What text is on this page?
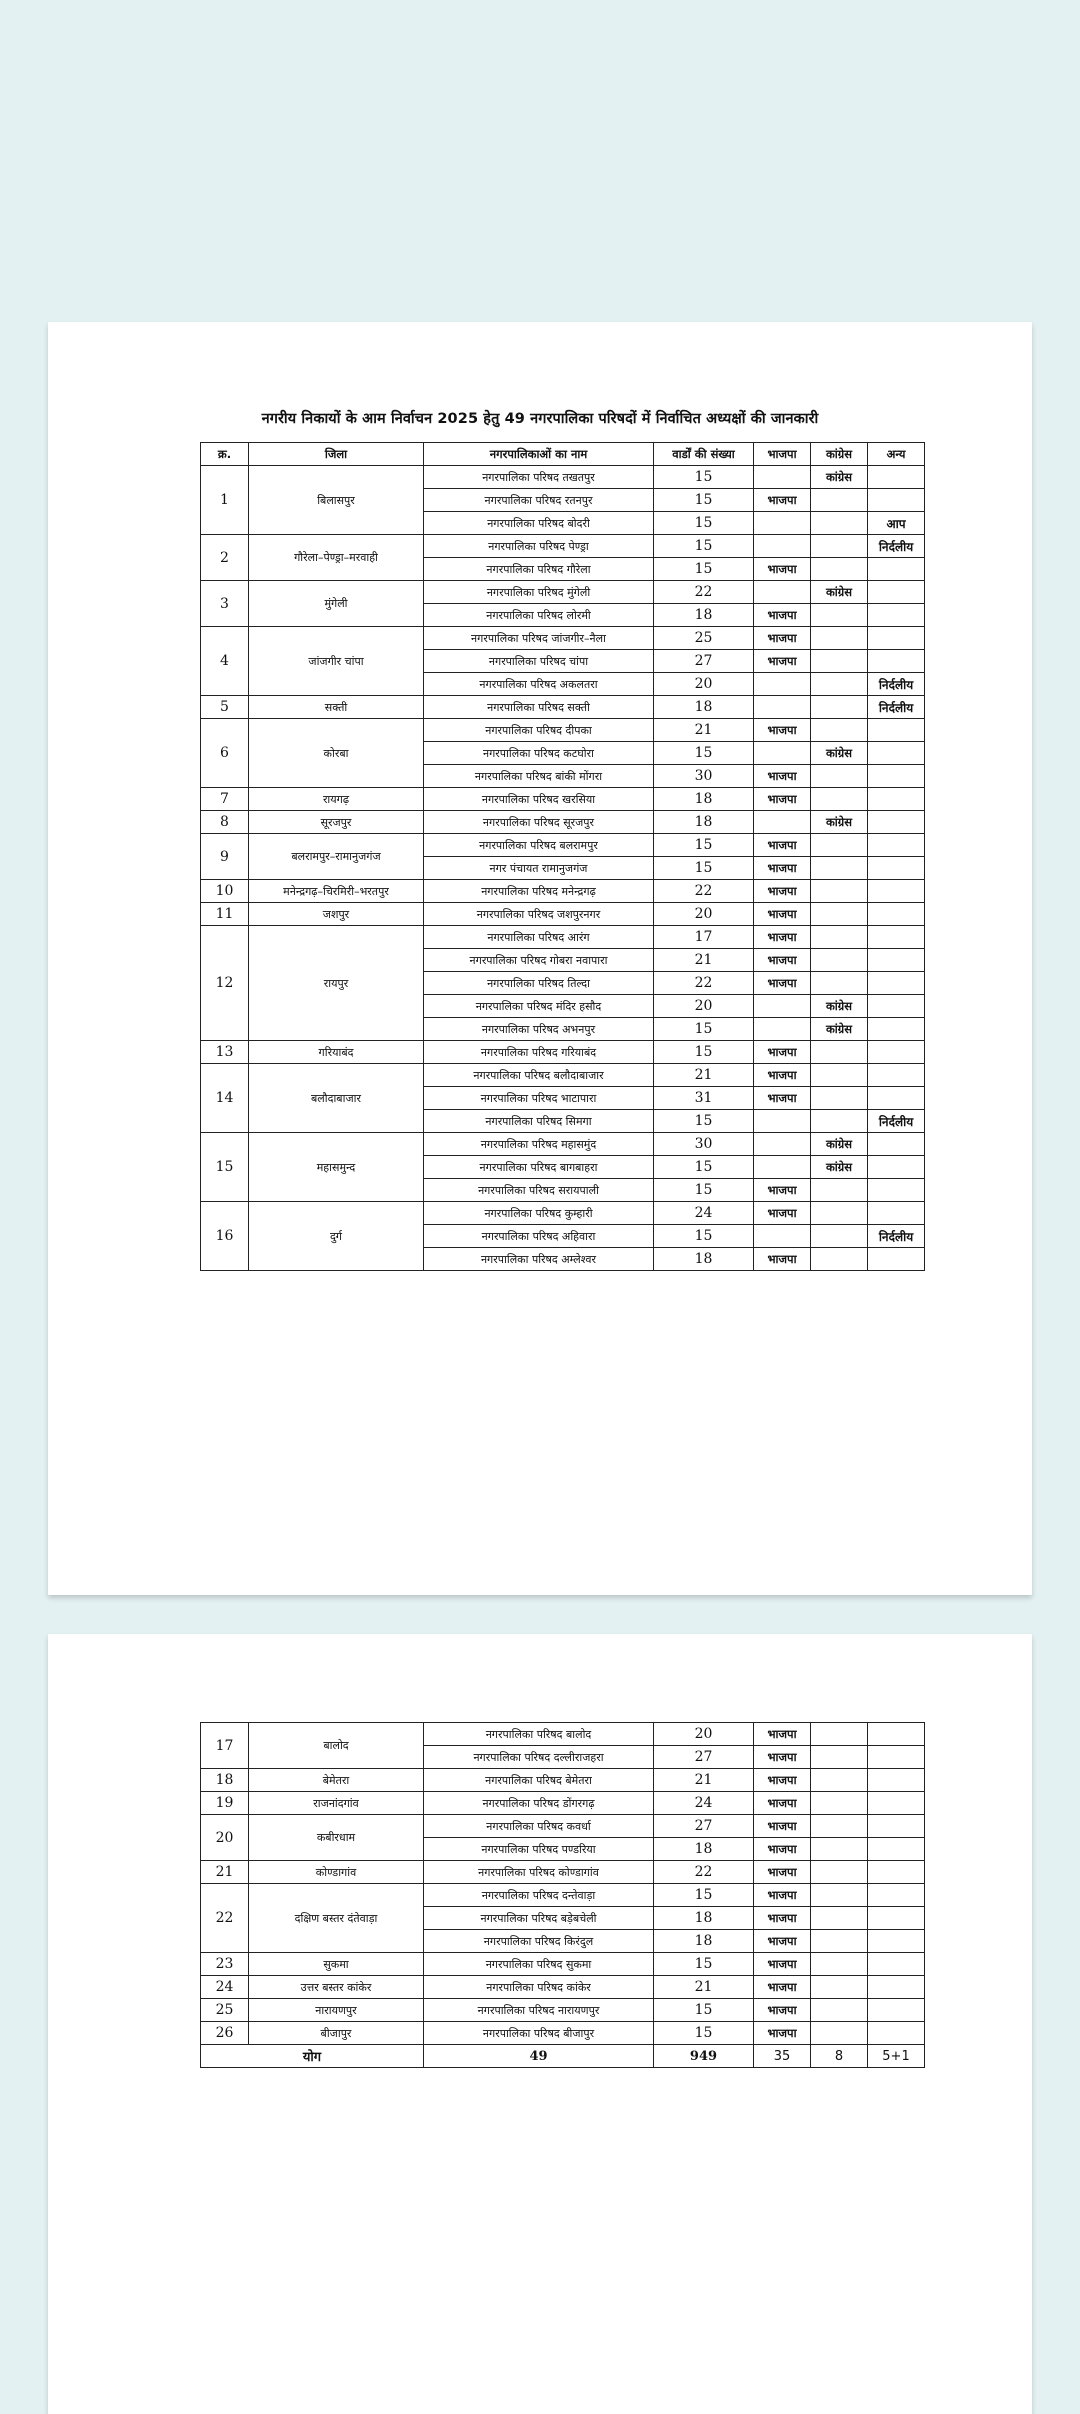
नगरीय निकायों के आम निर्वाचन 2025 हेतु 49 नगरपालिका परिषदों में निर्वाचित अध्यक्षों की जानकारी
क्र.	जिला	नगरपालिकाओं का नाम	वार्डों की संख्या	भाजपा	कांग्रेस	अन्य
1	बिलासपुर	नगरपालिका परिषद तखतपुर	15		कांग्रेस	
		नगरपालिका परिषद रतनपुर	15	भाजपा		
		नगरपालिका परिषद बोदरी	15			आप
2	गौरेला–पेण्ड्रा–मरवाही	नगरपालिका परिषद पेण्ड्रा	15			निर्दलीय
		नगरपालिका परिषद गौरेला	15	भाजपा		
3	मुंगेली	नगरपालिका परिषद मुंगेली	22		कांग्रेस	
		नगरपालिका परिषद लोरमी	18	भाजपा		
4	जांजगीर चांपा	नगरपालिका परिषद जांजगीर–नैला	25	भाजपा		
		नगरपालिका परिषद चांपा	27	भाजपा		
		नगरपालिका परिषद अकलतरा	20			निर्दलीय
5	सक्ती	नगरपालिका परिषद सक्ती	18			निर्दलीय
6	कोरबा	नगरपालिका परिषद दीपका	21	भाजपा		
		नगरपालिका परिषद कटघोरा	15		कांग्रेस	
		नगरपालिका परिषद बांकी मोंगरा	30	भाजपा		
7	रायगढ़	नगरपालिका परिषद खरसिया	18	भाजपा		
8	सूरजपुर	नगरपालिका परिषद सूरजपुर	18		कांग्रेस	
9	बलरामपुर–रामानुजगंज	नगरपालिका परिषद बलरामपुर	15	भाजपा		
		नगर पंचायत रामानुजगंज	15	भाजपा		
10	मनेन्द्रगढ़–चिरमिरी–भरतपुर	नगरपालिका परिषद मनेन्द्रगढ़	22	भाजपा		
11	जशपुर	नगरपालिका परिषद जशपुरनगर	20	भाजपा		
12	रायपुर	नगरपालिका परिषद आरंग	17	भाजपा		
		नगरपालिका परिषद गोबरा नवापारा	21	भाजपा		
		नगरपालिका परिषद तिल्दा	22	भाजपा		
		नगरपालिका परिषद मंदिर हसौद	20		कांग्रेस	
		नगरपालिका परिषद अभनपुर	15		कांग्रेस	
13	गरियाबंद	नगरपालिका परिषद गरियाबंद	15	भाजपा		
14	बलौदाबाजार	नगरपालिका परिषद बलौदाबाजार	21	भाजपा		
		नगरपालिका परिषद भाटापारा	31	भाजपा		
		नगरपालिका परिषद सिमगा	15			निर्दलीय
15	महासमुन्द	नगरपालिका परिषद महासमुंद	30		कांग्रेस	
		नगरपालिका परिषद बागबाहरा	15		कांग्रेस	
		नगरपालिका परिषद सरायपाली	15	भाजपा		
16	दुर्ग	नगरपालिका परिषद कुम्हारी	24	भाजपा		
		नगरपालिका परिषद अहिवारा	15			निर्दलीय
		नगरपालिका परिषद अम्लेश्वर	18	भाजपा		
17	बालोद	नगरपालिका परिषद बालोद	20	भाजपा		
		नगरपालिका परिषद दल्लीराजहरा	27	भाजपा		
18	बेमेतरा	नगरपालिका परिषद बेमेतरा	21	भाजपा		
19	राजनांदगांव	नगरपालिका परिषद डोंगरगढ़	24	भाजपा		
20	कबीरधाम	नगरपालिका परिषद कवर्धा	27	भाजपा		
		नगरपालिका परिषद पण्डरिया	18	भाजपा		
21	कोण्डागांव	नगरपालिका परिषद कोण्डागांव	22	भाजपा		
22	दक्षिण बस्तर दंतेवाड़ा	नगरपालिका परिषद दन्तेवाड़ा	15	भाजपा		
		नगरपालिका परिषद बड़ेबचेली	18	भाजपा		
		नगरपालिका परिषद किरंदुल	18	भाजपा		
23	सुकमा	नगरपालिका परिषद सुकमा	15	भाजपा		
24	उत्तर बस्तर कांकेर	नगरपालिका परिषद कांकेर	21	भाजपा		
25	नारायणपुर	नगरपालिका परिषद नारायणपुर	15	भाजपा		
26	बीजापुर	नगरपालिका परिषद बीजापुर	15	भाजपा		
योग		49	949	35	8	5+1
